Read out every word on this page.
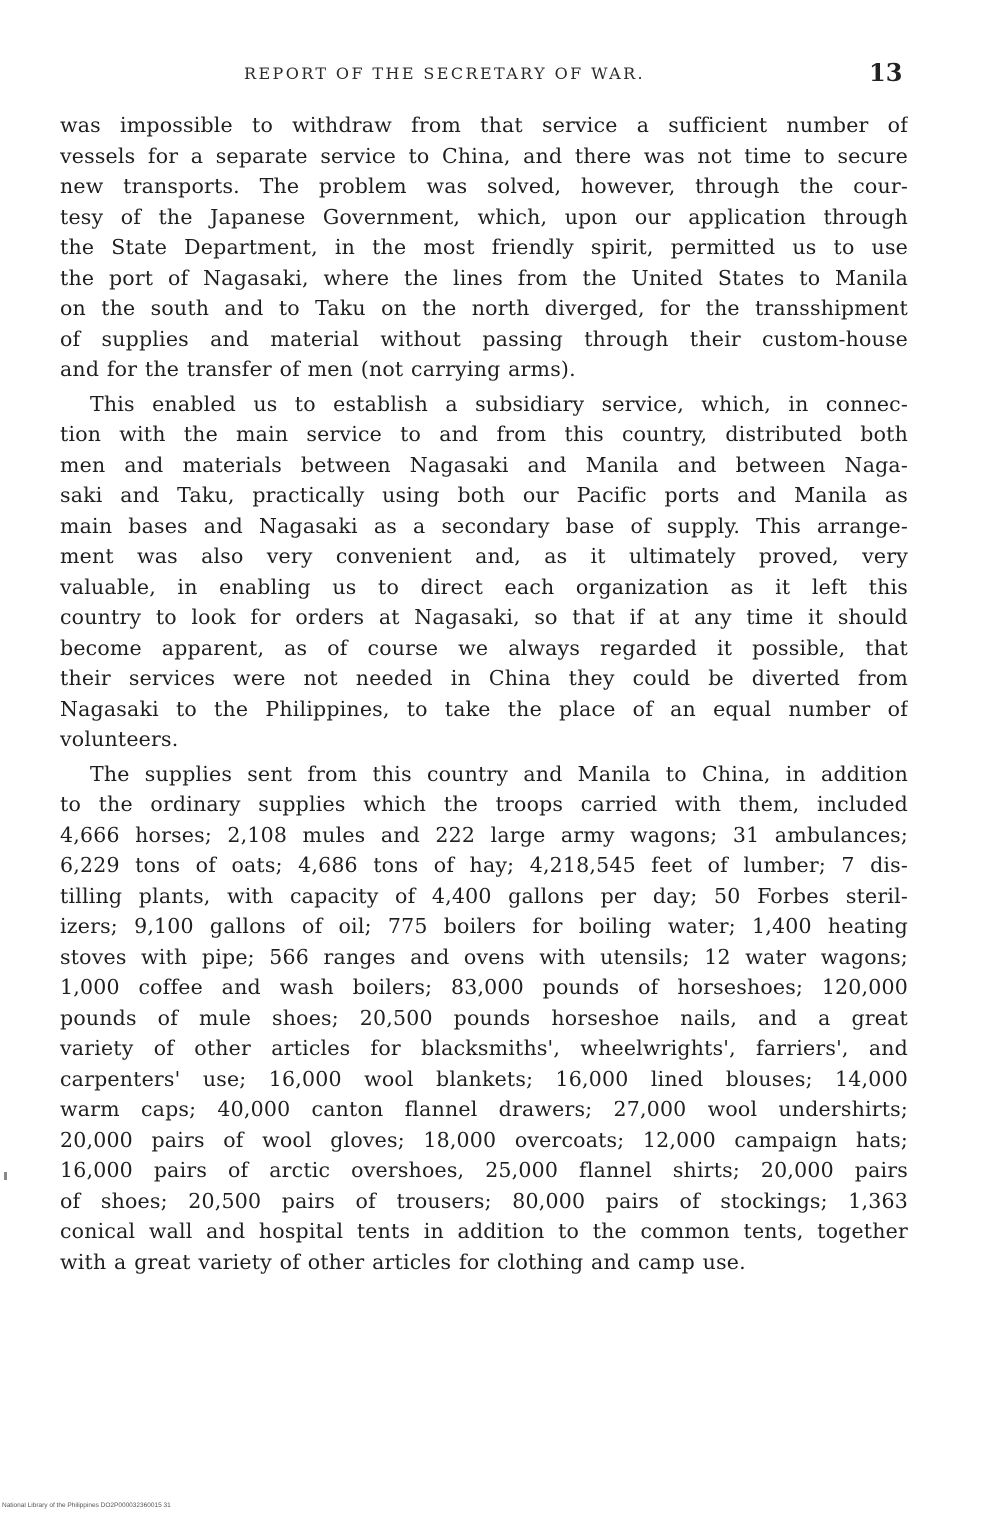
REPORT OF THE SECRETARY OF WAR.	13
was impossible to withdraw from that service a sufficient number of
vessels for a separate service to China, and there was not time to secure
new transports. The problem was solved, however, through the cour-
tesy of the Japanese Government, which, upon our application through
the State Department, in the most friendly spirit, permitted us to use
the port of Nagasaki, where the lines from the United States to Manila
on the south and to Taku on the north diverged, for the transshipment
of supplies and material without passing through their custom-house
and for the transfer of men (not carrying arms).
This enabled us to establish a subsidiary service, which, in connec-
tion with the main service to and from this country, distributed both
men and materials between Nagasaki and Manila and between Naga-
saki and Taku, practically using both our Pacific ports and Manila as
main bases and Nagasaki as a secondary base of supply. This arrange-
ment was also very convenient and, as it ultimately proved, very
valuable, in enabling us to direct each organization as it left this
country to look for orders at Nagasaki, so that if at any time it should
become apparent, as of course we always regarded it possible, that
their services were not needed in China they could be diverted from
Nagasaki to the Philippines, to take the place of an equal number of
volunteers.
The supplies sent from this country and Manila to China, in addition
to the ordinary supplies which the troops carried with them, included
4,666 horses; 2,108 mules and 222 large army wagons; 31 ambulances;
6,229 tons of oats; 4,686 tons of hay; 4,218,545 feet of lumber; 7 dis-
tilling plants, with capacity of 4,400 gallons per day; 50 Forbes steril-
izers; 9,100 gallons of oil; 775 boilers for boiling water; 1,400 heating
stoves with pipe; 566 ranges and ovens with utensils; 12 water wagons;
1,000 coffee and wash boilers; 83,000 pounds of horseshoes; 120,000
pounds of mule shoes; 20,500 pounds horseshoe nails, and a great
variety of other articles for blacksmiths', wheelwrights', farriers', and
carpenters' use; 16,000 wool blankets; 16,000 lined blouses; 14,000
warm caps; 40,000 canton flannel drawers; 27,000 wool undershirts;
20,000 pairs of wool gloves; 18,000 overcoats; 12,000 campaign hats;
16,000 pairs of arctic overshoes, 25,000 flannel shirts; 20,000 pairs
of shoes; 20,500 pairs of trousers; 80,000 pairs of stockings; 1,363
conical wall and hospital tents in addition to the common tents, together
with a great variety of other articles for clothing and camp use.
National Library of the Philippines DO2P000032360015 31
